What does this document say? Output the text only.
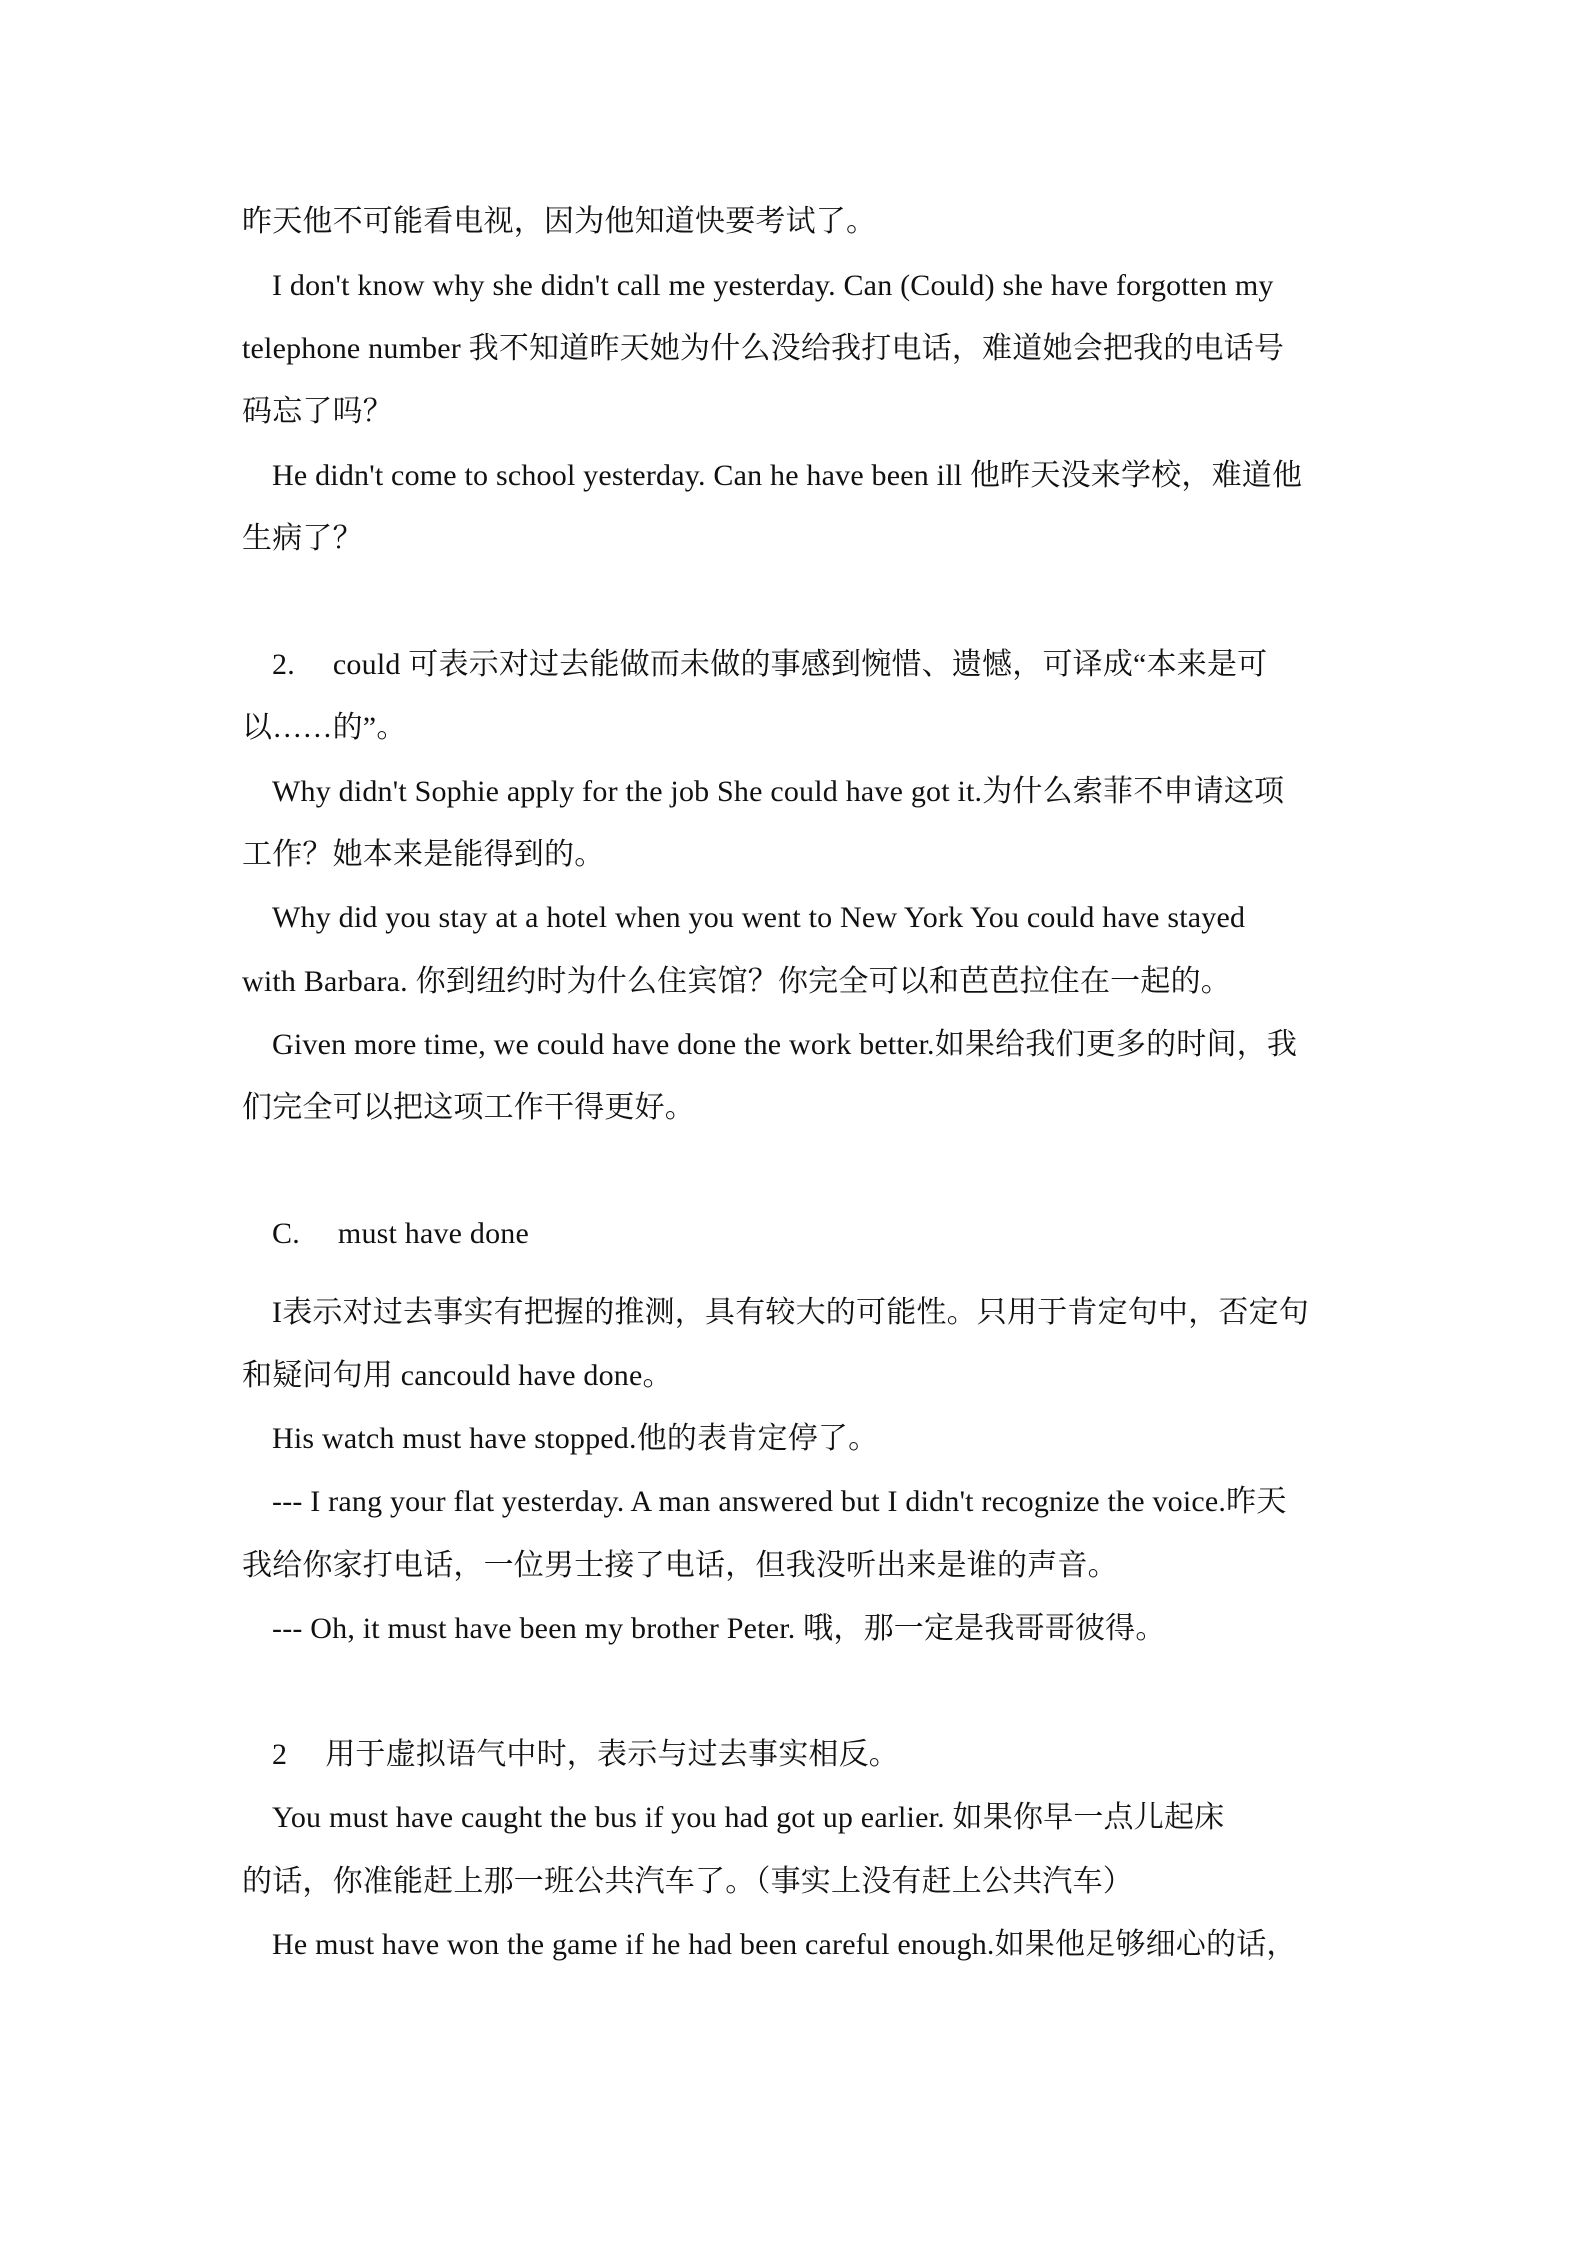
昨天他不可能看电视，因为他知道快要考试了。
I don't know why she didn't call me yesterday. Can (Could) she have forgotten my
telephone number 我不知道昨天她为什么没给我打电话，难道她会把我的电话号
码忘了吗？
He didn't come to school yesterday. Can he have been ill 他昨天没来学校，难道他
生病了？
2. could 可表示对过去能做而未做的事感到惋惜、遗憾，可译成“本来是可
以……的”。
Why didn't Sophie apply for the job She could have got it.为什么索菲不申请这项
工作？她本来是能得到的。
Why did you stay at a hotel when you went to New York You could have stayed
with Barbara. 你到纽约时为什么住宾馆？你完全可以和芭芭拉住在一起的。
Given more time, we could have done the work better.如果给我们更多的时间，我
们完全可以把这项工作干得更好。
C. must have done
I表示对过去事实有把握的推测，具有较大的可能性。只用于肯定句中，否定句
和疑问句用 cancould have done。
His watch must have stopped.他的表肯定停了。
--- I rang your flat yesterday. A man answered but I didn't recognize the voice.昨天
我给你家打电话，一位男士接了电话，但我没听出来是谁的声音。
--- Oh, it must have been my brother Peter. 哦，那一定是我哥哥彼得。
2 用于虚拟语气中时，表示与过去事实相反。
You must have caught the bus if you had got up earlier. 如果你早一点儿起床
的话，你准能赶上那一班公共汽车了。（事实上没有赶上公共汽车）
He must have won the game if he had been careful enough.如果他足够细心的话，
